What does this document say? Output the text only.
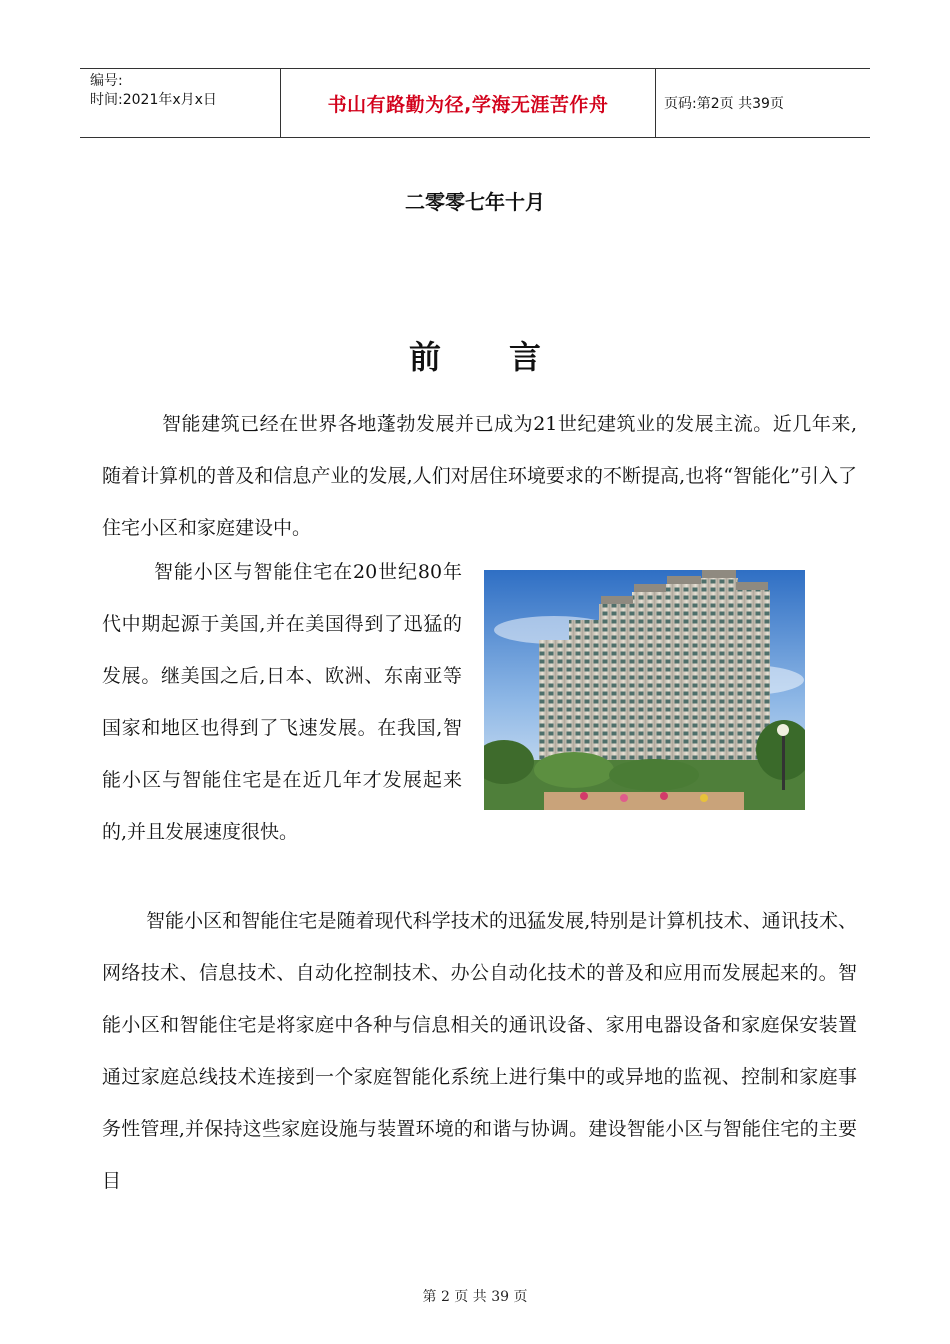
编号:
时间:2021年x月x日	书山有路勤为径,学海无涯苦作舟	页码:第2页 共39页
二零零七年十月
前言

智能建筑已经在世界各地蓬勃发展并已成为21世纪建筑业的发展主流。近几年来,随着计算机的普及和信息产业的发展,人们对居住环境要求的不断提高,也将“智能化”引入了住宅小区和家庭建设中。

智能小区与智能住宅在20世纪80年代中期起源于美国,并在美国得到了迅猛的发展。继美国之后,日本、欧洲、东南亚等国家和地区也得到了飞速发展。在我国,智能小区与智能住宅是在近几年才发展起来的,并且发展速度很快。

智能小区和智能住宅是随着现代科学技术的迅猛发展,特别是计算机技术、通讯技术、网络技术、信息技术、自动化控制技术、办公自动化技术的普及和应用而发展起来的。智能小区和智能住宅是将家庭中各种与信息相关的通讯设备、家用电器设备和家庭保安装置通过家庭总线技术连接到一个家庭智能化系统上进行集中的或异地的监视、控制和家庭事务性管理,并保持这些家庭设施与装置环境的和谐与协调。建设智能小区与智能住宅的主要目

第 2 页 共 39 页
